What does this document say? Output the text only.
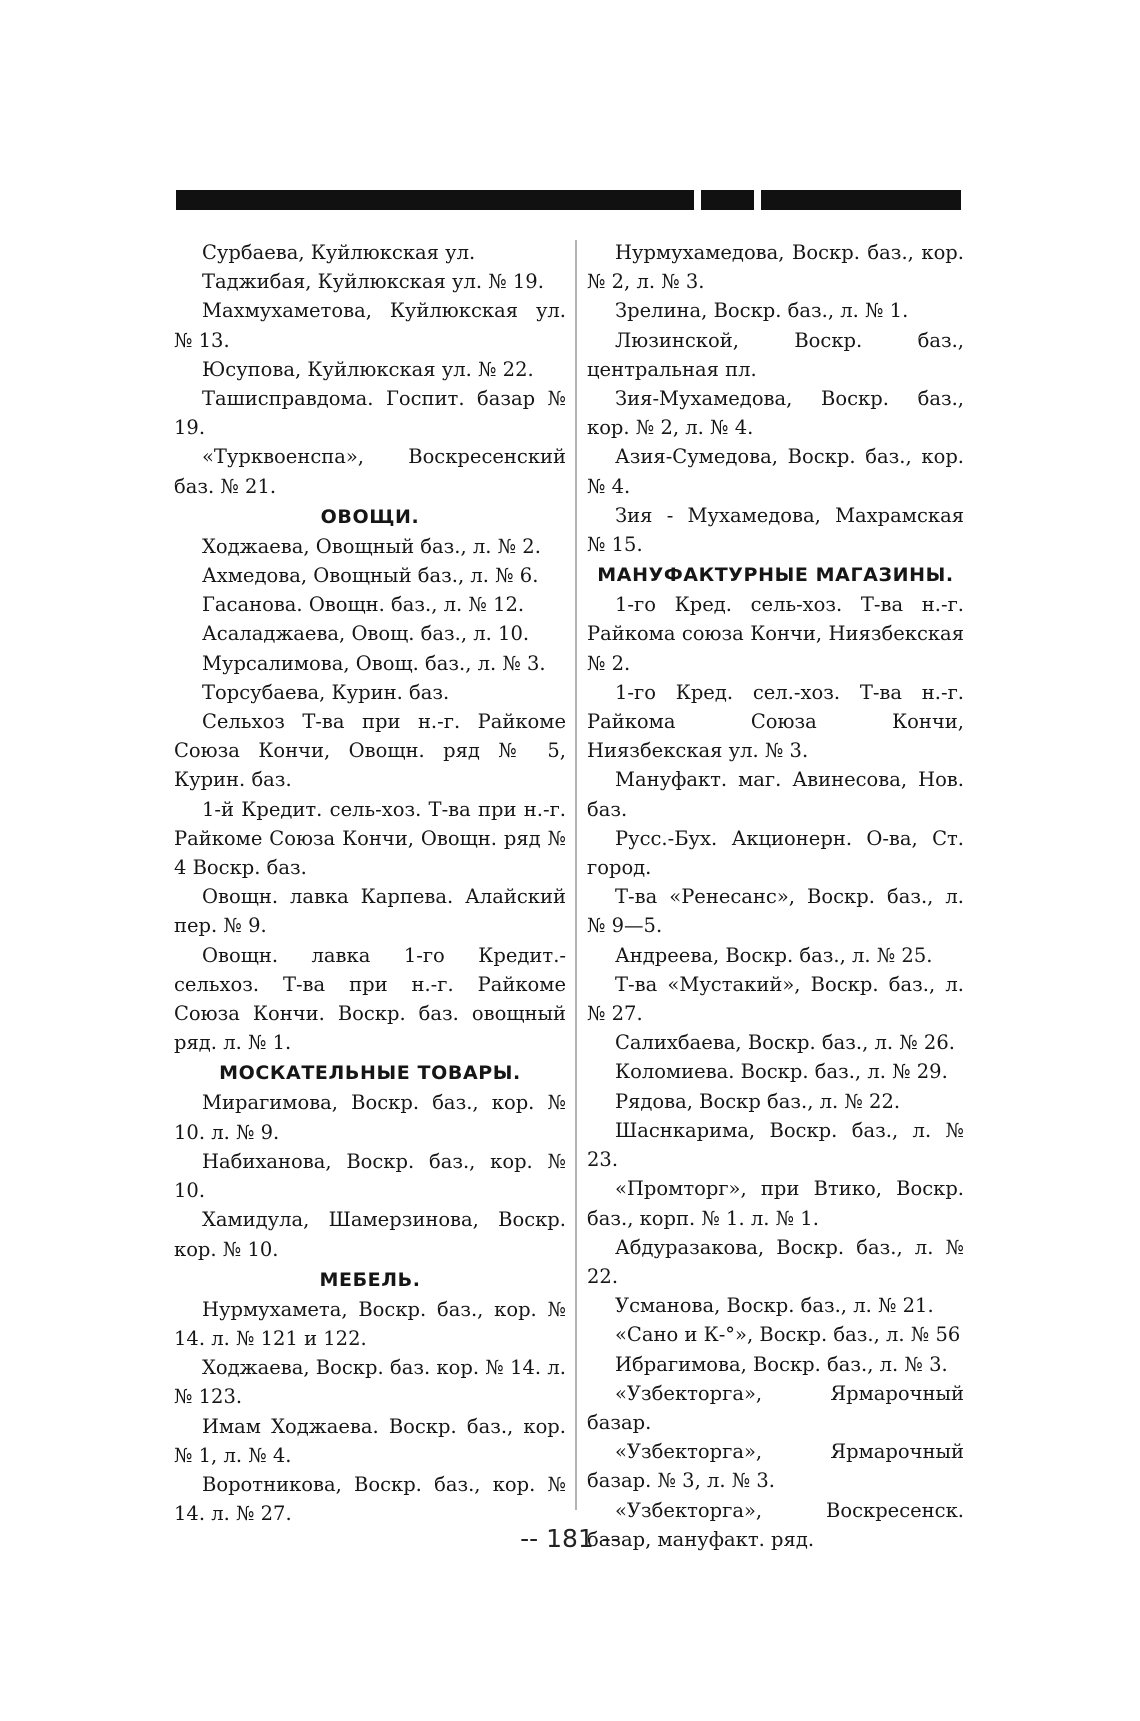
Сурбаева, Куйлюкская ул.

Таджибая, Куйлюкская ул. № 19.

Махмухаметова, Куйлюкская ул. № 13.

Юсупова, Куйлюкская ул. № 22.

Ташисправдома. Госпит. базар № 19.

«Турквоенспа», Воскресенский баз. № 21.

ОВОЩИ.

Ходжаева, Овощный баз., л. № 2.

Ахмедова, Овощный баз., л. № 6.

Гасанова. Овощн. баз., л. № 12.

Асаладжаева, Овощ. баз., л. 10.

Мурсалимова, Овощ. баз., л. № 3.

Торсубаева, Курин. баз.

Сельхоз Т-ва при н.-г. Райкоме Союза Кончи, Овощн. ряд № 5, Курин. баз.

1-й Кредит. сель-хоз. Т-ва при н.-г. Райкоме Союза Кончи, Овощн. ряд № 4 Воскр. баз.

Овощн. лавка Карпева. Алайский пер. № 9.

Овощн. лавка 1-го Кредит.-сельхоз. Т-ва при н.-г. Райкоме Союза Кончи. Воскр. баз. овощный ряд. л. № 1.

МОСКАТЕЛЬНЫЕ ТОВАРЫ.

Мирагимова, Воскр. баз., кор. № 10. л. № 9.

Набиханова, Воскр. баз., кор. № 10.

Хамидула, Шамерзинова, Воскр. кор. № 10.

МЕБЕЛЬ.

Нурмухамета, Воскр. баз., кор. № 14. л. № 121 и 122.

Ходжаева, Воскр. баз. кор. № 14. л. № 123.

Имам Ходжаева. Воскр. баз., кор. № 1, л. № 4.

Воротникова, Воскр. баз., кор. № 14. л. № 27.

Нурмухамедова, Воскр. баз., кор. № 2, л. № 3.

Зрелина, Воскр. баз., л. № 1.

Люзинской, Воскр. баз., центральная пл.

Зия-Мухамедова, Воскр. баз., кор. № 2, л. № 4.

Азия-Сумедова, Воскр. баз., кор. № 4.

Зия - Мухамедова, Махрамская № 15.

МАНУФАКТУРНЫЕ МАГАЗИНЫ.

1-го Кред. сель-хоз. Т-ва н.-г. Райкома союза Кончи, Ниязбекская № 2.

1-го Кред. сел.-хоз. Т-ва н.-г. Райкома Союза Кончи, Ниязбекская ул. № 3.

Мануфакт. маг. Авинесова, Нов. баз.

Русс.-Бух. Акционерн. О-ва, Ст. город.

Т-ва «Ренесанс», Воскр. баз., л. № 9—5.

Андреева, Воскр. баз., л. № 25.

Т-ва «Мустакий», Воскр. баз., л. № 27.

Салихбаева, Воскр. баз., л. № 26.

Коломиева. Воскр. баз., л. № 29.

Рядова, Воскр баз., л. № 22.

Шаснкарима, Воскр. баз., л. № 23.

«Промторг», при Втико, Воскр. баз., корп. № 1. л. № 1.

Абдуразакова, Воскр. баз., л. № 22.

Усманова, Воскр. баз., л. № 21.

«Сано и К-°», Воскр. баз., л. № 56

Ибрагимова, Воскр. баз., л. № 3.

«Узбекторга», Ярмарочный базар.

«Узбекторга», Ярмарочный базар. № 3, л. № 3.

«Узбекторга», Воскресенск. базар, мануфакт. ряд.

-- 181 --
